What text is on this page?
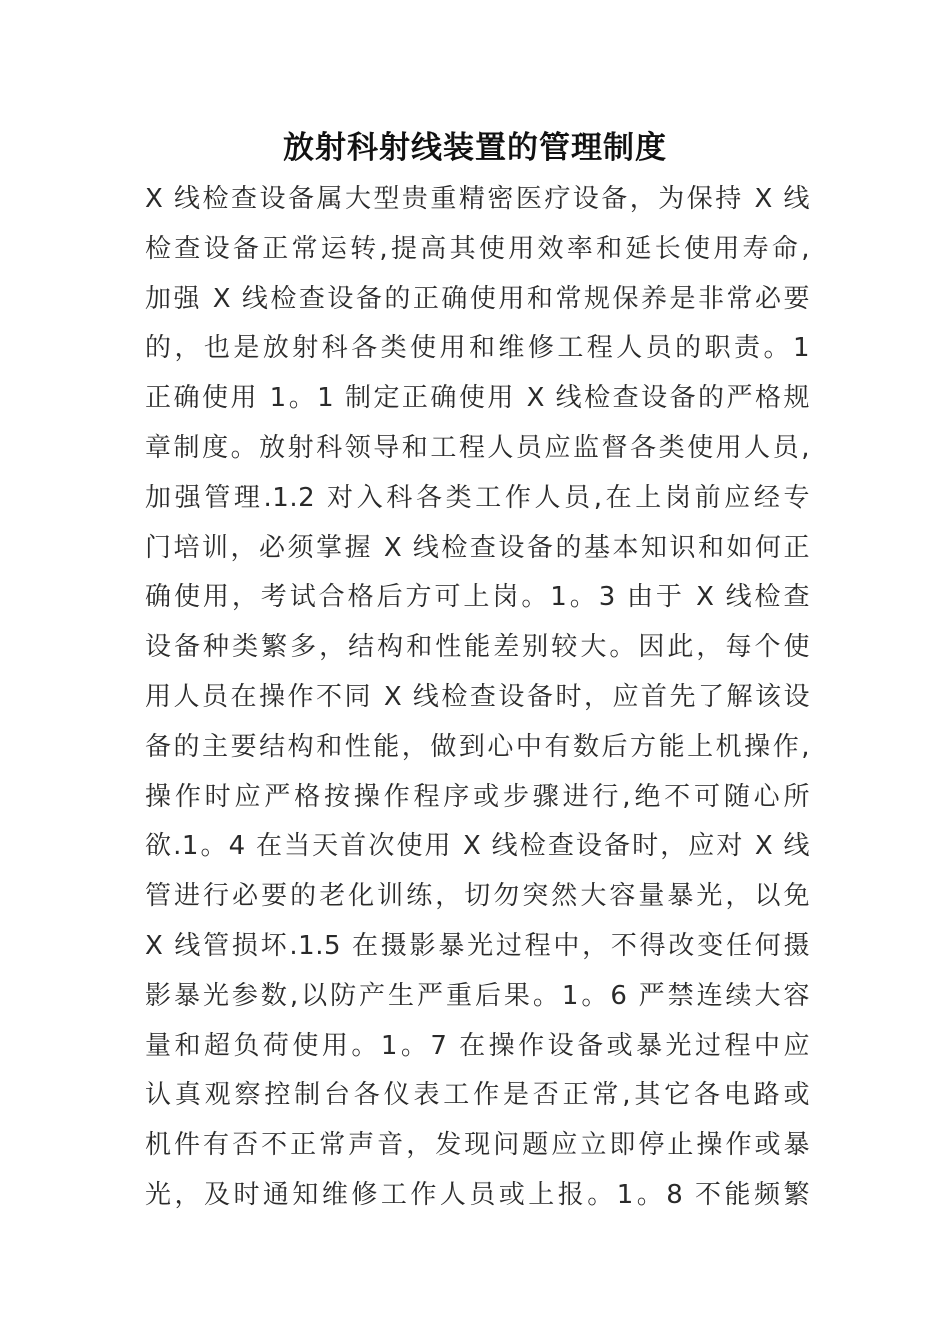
放射科射线装置的管理制度
X 线检查设备属大型贵重精密医疗设备，为保持 X 线
检查设备正常运转,提高其使用效率和延长使用寿命,
加强 X 线检查设备的正确使用和常规保养是非常必要
的，也是放射科各类使用和维修工程人员的职责。1
正确使用 1。1 制定正确使用 X 线检查设备的严格规
章制度。放射科领导和工程人员应监督各类使用人员,
加强管理.1.2 对入科各类工作人员,在上岗前应经专
门培训，必须掌握 X 线检查设备的基本知识和如何正
确使用，考试合格后方可上岗。1。3 由于 X 线检查
设备种类繁多，结构和性能差别较大。因此，每个使
用人员在操作不同 X 线检查设备时，应首先了解该设
备的主要结构和性能，做到心中有数后方能上机操作,
操作时应严格按操作程序或步骤进行,绝不可随心所
欲.1。4 在当天首次使用 X 线检查设备时，应对 X 线
管进行必要的老化训练，切勿突然大容量暴光，以免
X 线管损坏.1.5 在摄影暴光过程中，不得改变任何摄
影暴光参数,以防产生严重后果。1。6 严禁连续大容
量和超负荷使用。1。7 在操作设备或暴光过程中应
认真观察控制台各仪表工作是否正常,其它各电路或
机件有否不正常声音，发现问题应立即停止操作或暴
光，及时通知维修工作人员或上报。1。8 不能频繁
